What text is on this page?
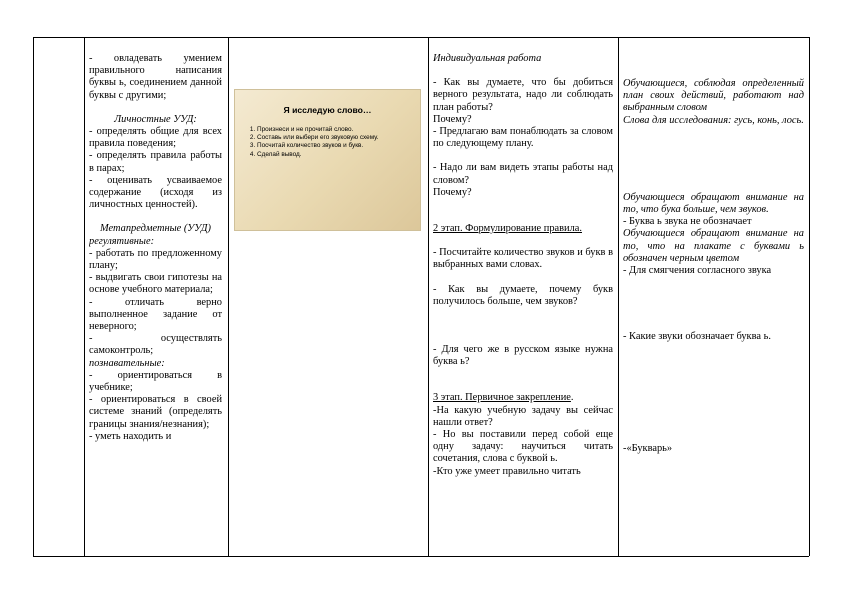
- овладевать умением правильного написания буквы ь, соединением данной буквы с другими;

Личностные УУД:

- определять общие для всех правила поведения;

- определять правила работы в парах;

- оценивать усваиваемое содержание (исходя из личностных ценностей).

Метапредметные (УУД)

регулятивные:

- работать по предложенному плану;

- выдвигать свои гипотезы на основе учебного материала;

- отличать верно выполненное задание от неверного;

- осуществлять самоконтроль;

познавательные:

- ориентироваться в учебнике;

- ориентироваться в своей системе знаний (определять границы знания/незнания);

- уметь находить и

Я исследую слово…
1. Произнеси и не прочитай слово.
2. Составь или выбери его звуковую схему.
3. Посчитай количество звуков и букв.
4. Сделай вывод.

Индивидуальная работа

- Как вы думаете, что бы добиться верного результата, надо ли соблюдать план работы?

Почему?

- Предлагаю вам понаблюдать за словом по следующему плану.

- Надо ли вам видеть этапы работы над словом?

Почему?

2 этап. Формулирование правила.

- Посчитайте количество звуков и букв в выбранных вами словах.

- Как вы думаете, почему букв получилось больше, чем звуков?

- Для чего же в русском языке нужна буква ь?

3 этап. Первичное закрепление.

-На какую учебную задачу вы сейчас нашли ответ?

- Но вы поставили перед собой еще одну задачу: научиться читать сочетания, слова с буквой ь.

-Кто уже умеет правильно читать

Обучающиеся, соблюдая определенный план своих действий, работают над выбранным словом

Слова для исследования: гусь, конь, лось.

Обучающиеся обращают внимание на то, что бука больше, чем звуков.

- Буква ь звука не обозначает

Обучающиеся обращают внимание на то, что на плакате с буквами ь обозначен черным цветом

- Для смягчения согласного звука

- Какие звуки обозначает буква ь.

-«Букварь»
